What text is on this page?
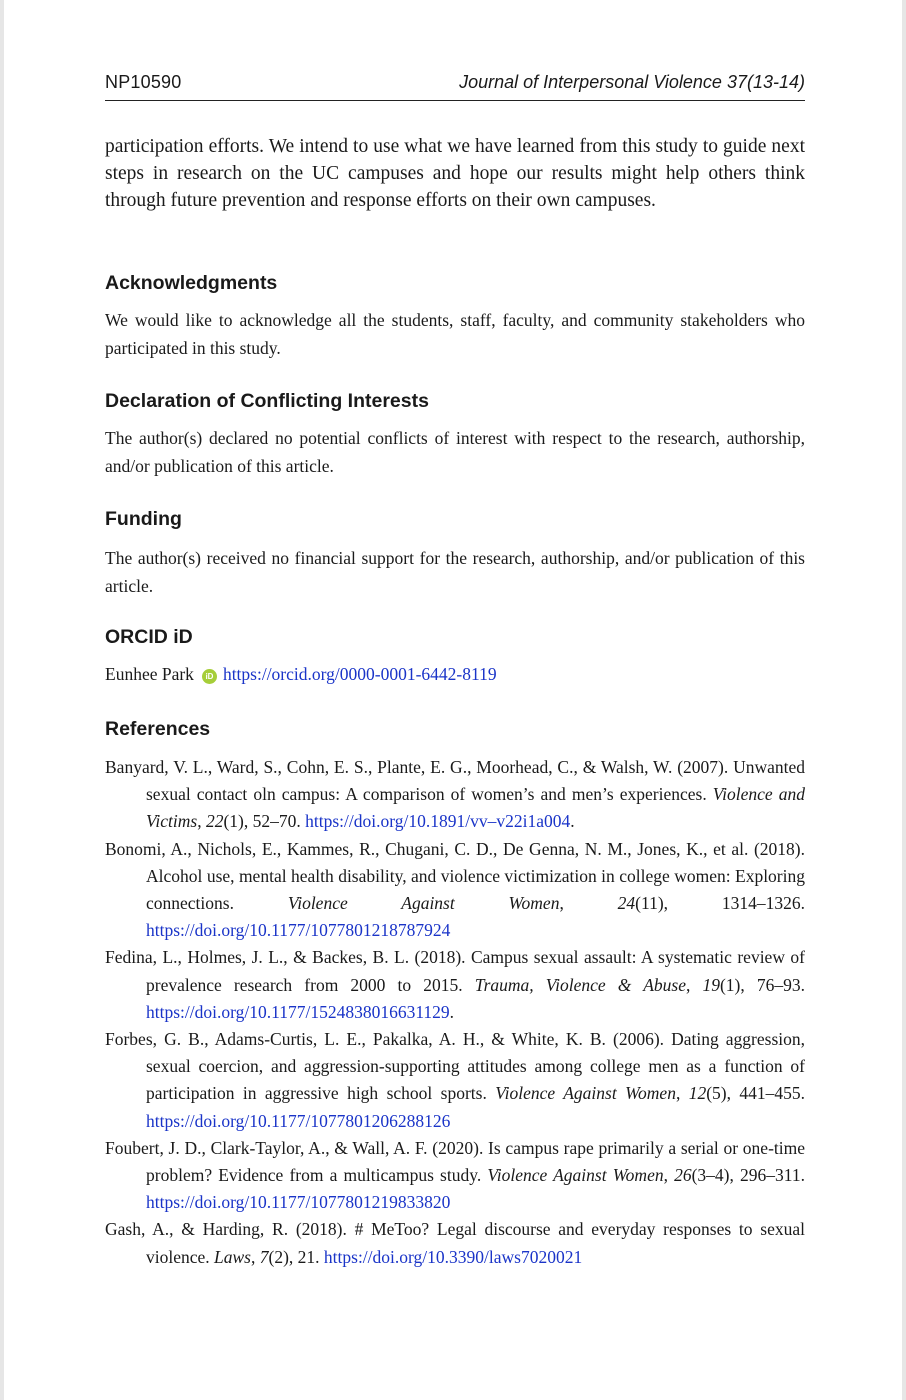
NP10590	Journal of Interpersonal Violence 37(13-14)

participation efforts. We intend to use what we have learned from this study to guide next steps in research on the UC campuses and hope our results might help others think through future prevention and response efforts on their own campuses.

Acknowledgments

We would like to acknowledge all the students, staff, faculty, and community stakeholders who participated in this study.

Declaration of Conflicting Interests

The author(s) declared no potential conflicts of interest with respect to the research, authorship, and/or publication of this article.

Funding

The author(s) received no financial support for the research, authorship, and/or publication of this article.

ORCID iD
Eunhee Park iD https://orcid.org/0000-0001-6442-8119
References

Banyard, V. L., Ward, S., Cohn, E. S., Plante, E. G., Moorhead, C., & Walsh, W. (2007). Unwanted sexual contact oln campus: A comparison of women’s and men’s experiences. Violence and Victims, 22(1), 52–70. https://doi.org/10.1891/vv–v22i1a004.

Bonomi, A., Nichols, E., Kammes, R., Chugani, C. D., De Genna, N. M., Jones, K., et al. (2018). Alcohol use, mental health disability, and violence victimization in college women: Exploring connections. Violence Against Women, 24(11), 1314–1326. https://doi.org/10.1177/1077801218787924

Fedina, L., Holmes, J. L., & Backes, B. L. (2018). Campus sexual assault: A systematic review of prevalence research from 2000 to 2015. Trauma, Violence & Abuse, 19(1), 76–93. https://doi.org/10.1177/1524838016631129.

Forbes, G. B., Adams-Curtis, L. E., Pakalka, A. H., & White, K. B. (2006). Dating aggression, sexual coercion, and aggression-supporting attitudes among college men as a function of participation in aggressive high school sports. Violence Against Women, 12(5), 441–455. https://doi.org/10.1177/1077801206288126

Foubert, J. D., Clark-Taylor, A., & Wall, A. F. (2020). Is campus rape primarily a serial or one-time problem? Evidence from a multicampus study. Violence Against Women, 26(3–4), 296–311. https://doi.org/10.1177/1077801219833820

Gash, A., & Harding, R. (2018). # MeToo? Legal discourse and everyday responses to sexual violence. Laws, 7(2), 21. https://doi.org/10.3390/laws7020021
